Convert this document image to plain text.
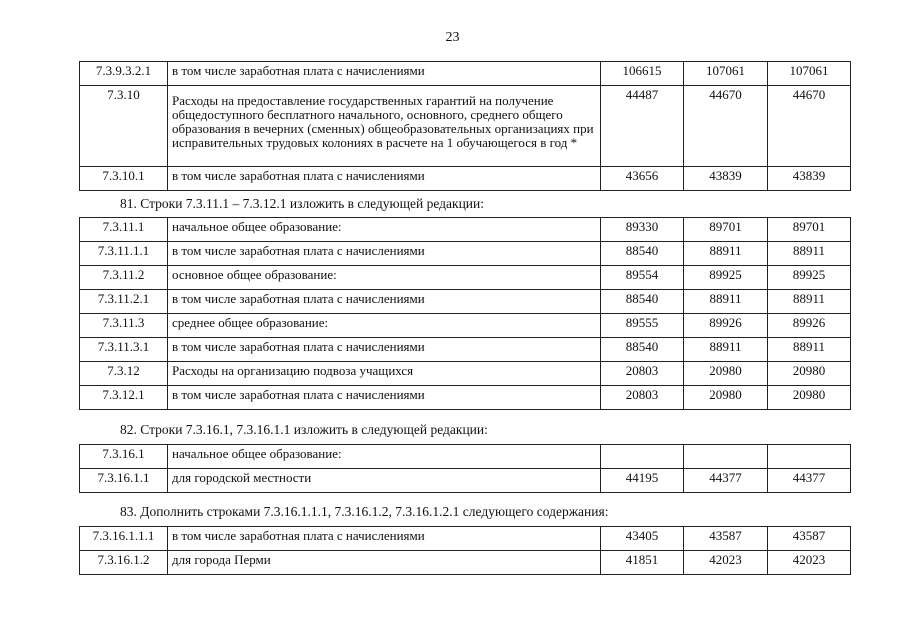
23
7.3.9.3.2.1	в том числе заработная плата с начислениями	106615	107061	107061
7.3.10	Расходы на предоставление государственных гарантий на получение общедоступного бесплатного начального, основного, среднего общего образования в вечерних (сменных) общеобразовательных организациях при исправительных трудовых колониях в расчете на 1 обучающегося в год *	44487	44670	44670
7.3.10.1	в том числе заработная плата с начислениями	43656	43839	43839
81. Строки 7.3.11.1 – 7.3.12.1 изложить в следующей редакции:
7.3.11.1	начальное общее образование:	89330	89701	89701
7.3.11.1.1	в том числе заработная плата с начислениями	88540	88911	88911
7.3.11.2	основное общее образование:	89554	89925	89925
7.3.11.2.1	в том числе заработная плата с начислениями	88540	88911	88911
7.3.11.3	среднее общее образование:	89555	89926	89926
7.3.11.3.1	в том числе заработная плата с начислениями	88540	88911	88911
7.3.12	Расходы на организацию подвоза учащихся	20803	20980	20980
7.3.12.1	в том числе заработная плата с начислениями	20803	20980	20980
82. Строки 7.3.16.1, 7.3.16.1.1 изложить в следующей редакции:
7.3.16.1	начальное общее образование:			
7.3.16.1.1	для городской местности	44195	44377	44377
83. Дополнить строками 7.3.16.1.1.1, 7.3.16.1.2, 7.3.16.1.2.1 следующего содержания:
7.3.16.1.1.1	в том числе заработная плата с начислениями	43405	43587	43587
7.3.16.1.2	для города Перми	41851	42023	42023
